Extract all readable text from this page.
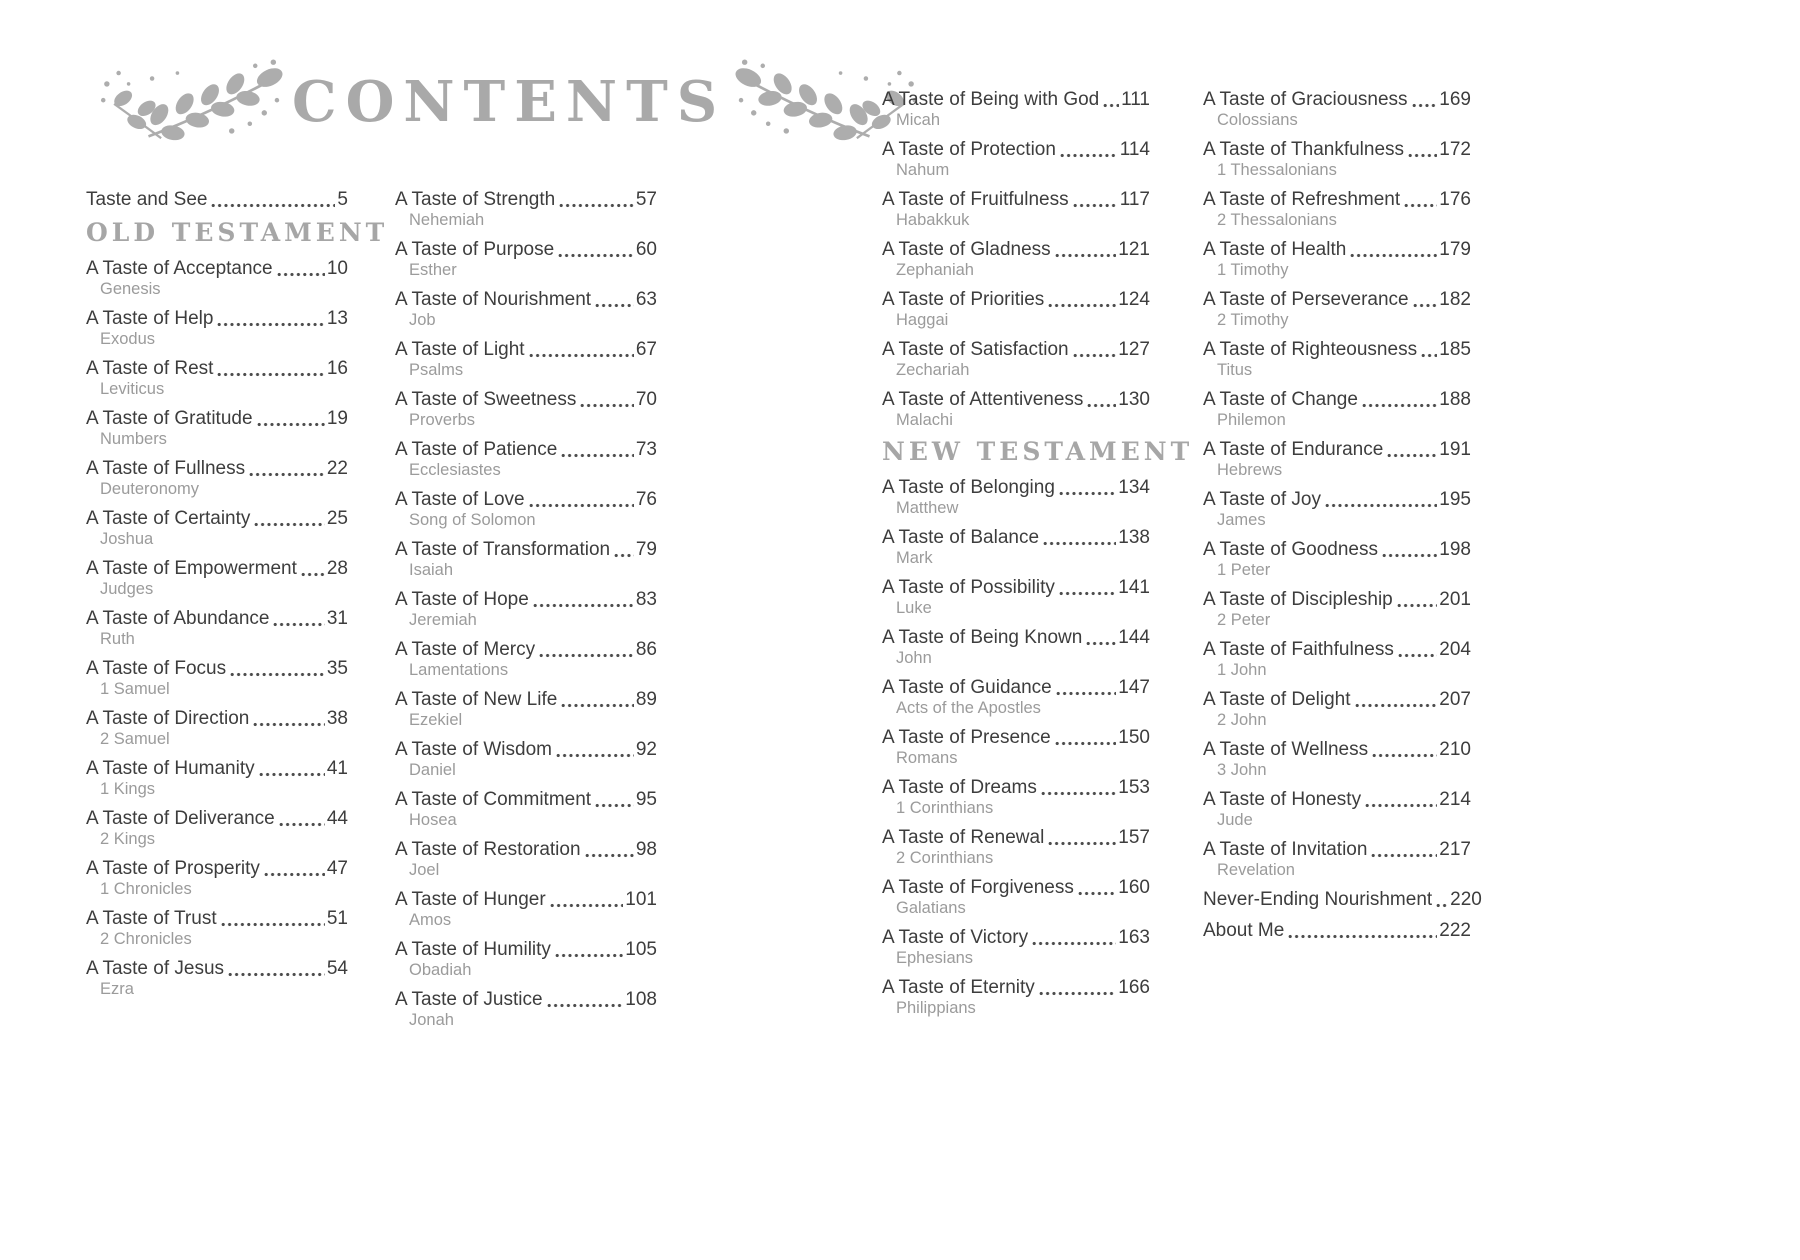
CONTENTS
Taste and See	5
OLD TESTAMENT
A Taste of Acceptance	10
Genesis
A Taste of Help	13
Exodus
A Taste of Rest	16
Leviticus
A Taste of Gratitude	19
Numbers
A Taste of Fullness	22
Deuteronomy
A Taste of Certainty	25
Joshua
A Taste of Empowerment 28
Judges
A Taste of Abundance	31
Ruth
A Taste of Focus	35
1 Samuel
A Taste of Direction	38
2 Samuel
A Taste of Humanity	41
1 Kings
A Taste of Deliverance	44
2 Kings
A Taste of Prosperity	47
1 Chronicles
A Taste of Trust	51
2 Chronicles
A Taste of Jesus	54
Ezra
A Taste of Strength	57
Nehemiah
A Taste of Purpose	60
Esther
A Taste of Nourishment 63
Job
A Taste of Light	67
Psalms
A Taste of Sweetness	70
Proverbs
A Taste of Patience	73
Ecclesiastes
A Taste of Love	76
Song of Solomon
A Taste of Transformation 79
Isaiah
A Taste of Hope	83
Jeremiah
A Taste of Mercy	86
Lamentations
A Taste of New Life	89
Ezekiel
A Taste of Wisdom	92
Daniel
A Taste of Commitment 95
Hosea
A Taste of Restoration	98
Joel
A Taste of Hunger	101
Amos
A Taste of Humility	105
Obadiah
A Taste of Justice	108
Jonah
A Taste of Being with God 111
Micah
A Taste of Protection	114
Nahum
A Taste of Fruitfulness	117
Habakkuk
A Taste of Gladness	121
Zephaniah
A Taste of Priorities	124
Haggai
A Taste of Satisfaction	127
Zechariah
A Taste of Attentiveness 130
Malachi
NEW TESTAMENT
A Taste of Belonging	134
Matthew
A Taste of Balance	138
Mark
A Taste of Possibility	141
Luke
A Taste of Being Known 144
John
A Taste of Guidance	147
Acts of the Apostles
A Taste of Presence	150
Romans
A Taste of Dreams	153
1 Corinthians
A Taste of Renewal	157
2 Corinthians
A Taste of Forgiveness 160
Galatians
A Taste of Victory	163
Ephesians
A Taste of Eternity	166
Philippians
A Taste of Graciousness 169
Colossians
A Taste of Thankfulness 172
1 Thessalonians
A Taste of Refreshment 176
2 Thessalonians
A Taste of Health	179
1 Timothy
A Taste of Perseverance 182
2 Timothy
A Taste of Righteousness 185
Titus
A Taste of Change	188
Philemon
A Taste of Endurance	191
Hebrews
A Taste of Joy	195
James
A Taste of Goodness	198
1 Peter
A Taste of Discipleship 201
2 Peter
A Taste of Faithfulness 204
1 John
A Taste of Delight	207
2 John
A Taste of Wellness	210
3 John
A Taste of Honesty	214
Jude
A Taste of Invitation	217
Revelation
Never-Ending Nourishment 220
About Me	222
